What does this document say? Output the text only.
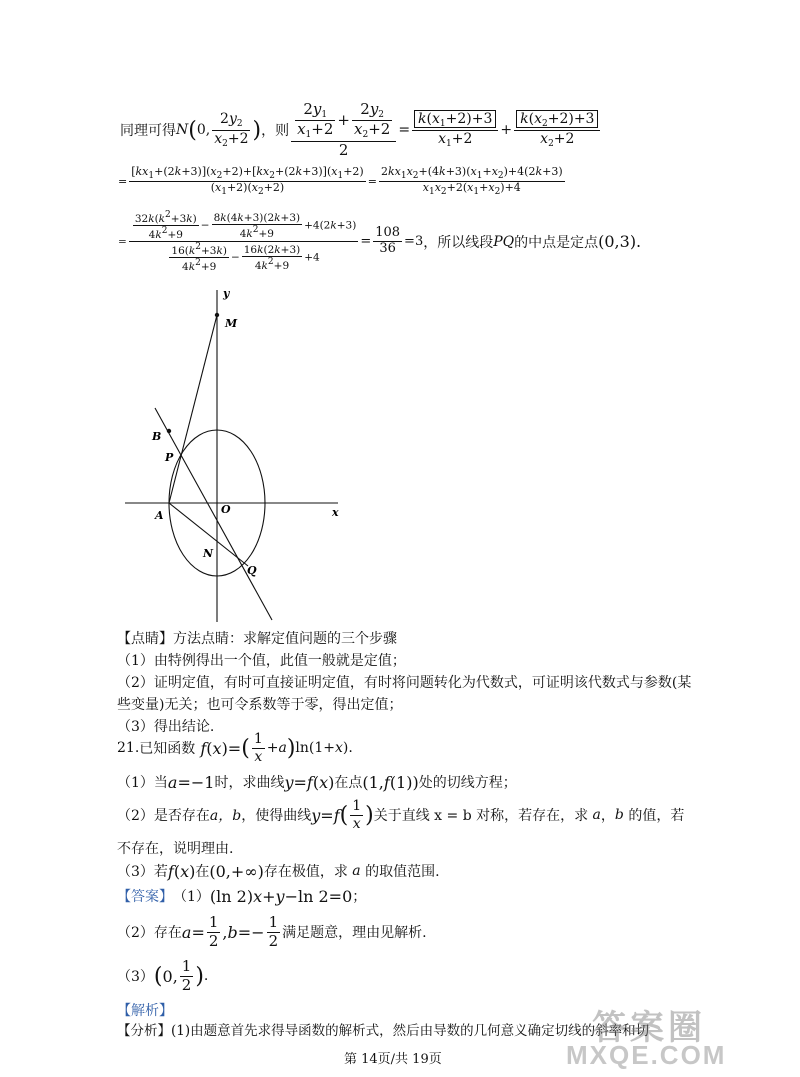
同理可得 N ( 0, $\frac{2y_2}{x_2+2}$ ) ，则 $\frac{\frac{2y_1}{x_1+2} + \frac{2y_2}{x_2+2}}{2} = \frac{k(x_1+2)+3}{x_1+2} + \frac{k(x_2+2)+3}{x_2+2}$
= $\frac{[kx_1+(2k+3)](x_2+2)+[kx_2+(2k+3)](x_1+2)}{(x_1+2)(x_2+2)} = \frac{2kx_1x_2+(4k+3)(x_1+x_2)+4(2k+3)}{x_1x_2+2(x_1+x_2)+4}$
= $\frac{\frac{32k(k2+3k)}{4k2+9} - \frac{8k(4k+3)(2k+3)}{4k2+9} +4(2k+3)}{\frac{16(k2+3k)}{4k2+9} - \frac{16k(2k+3)}{4k2+9} +4} = \frac{108}{36} =3$ ，所以线段 PQ 的中点是定点 (0,3).
y
x
M
B
P
A	O
N
Q
【点睛】方法点睛：求解定值问题的三个步骤
（1）由特例得出一个值，此值一般就是定值；
（2）证明定值，有时可直接证明定值，有时将问题转化为代数式，可证明该代数式与参数(某
些变量)无关；也可令系数等于零，得出定值；
（3）得出结论.
21. 已知函数 f(x)= ( $\frac{1}{x} + a$ ) ln(1+ x ).
（1）当 a=−1 时，求曲线 y=f(x) 在点 (1,f(1)) 处的切线方程；
（2）是否存在 a，b ，使得曲线 y=f ( $\frac{1}{x}$ ) 关于直线 x = b 对称，若存在，求 a ， b 的值，若
不存在，说明理由.
（3）若 f(x) 在 (0,+∞) 存在极值，求 a 的取值范围.
【答案】 （1） (ln 2)x+y−ln 2=0 ；
（2）存在 $a= \frac{1}{2} ,b=- \frac{1}{2}$ 满足题意，理由见解析.
（3） ( 0, $\frac{1}{2}$ ) .
【解析】
【分析】(1)由题意首先求得导函数的解析式，然后由导数的几何意义确定切线的斜率和切
第 14页/共 19页
答案圈
MXQE.COM
